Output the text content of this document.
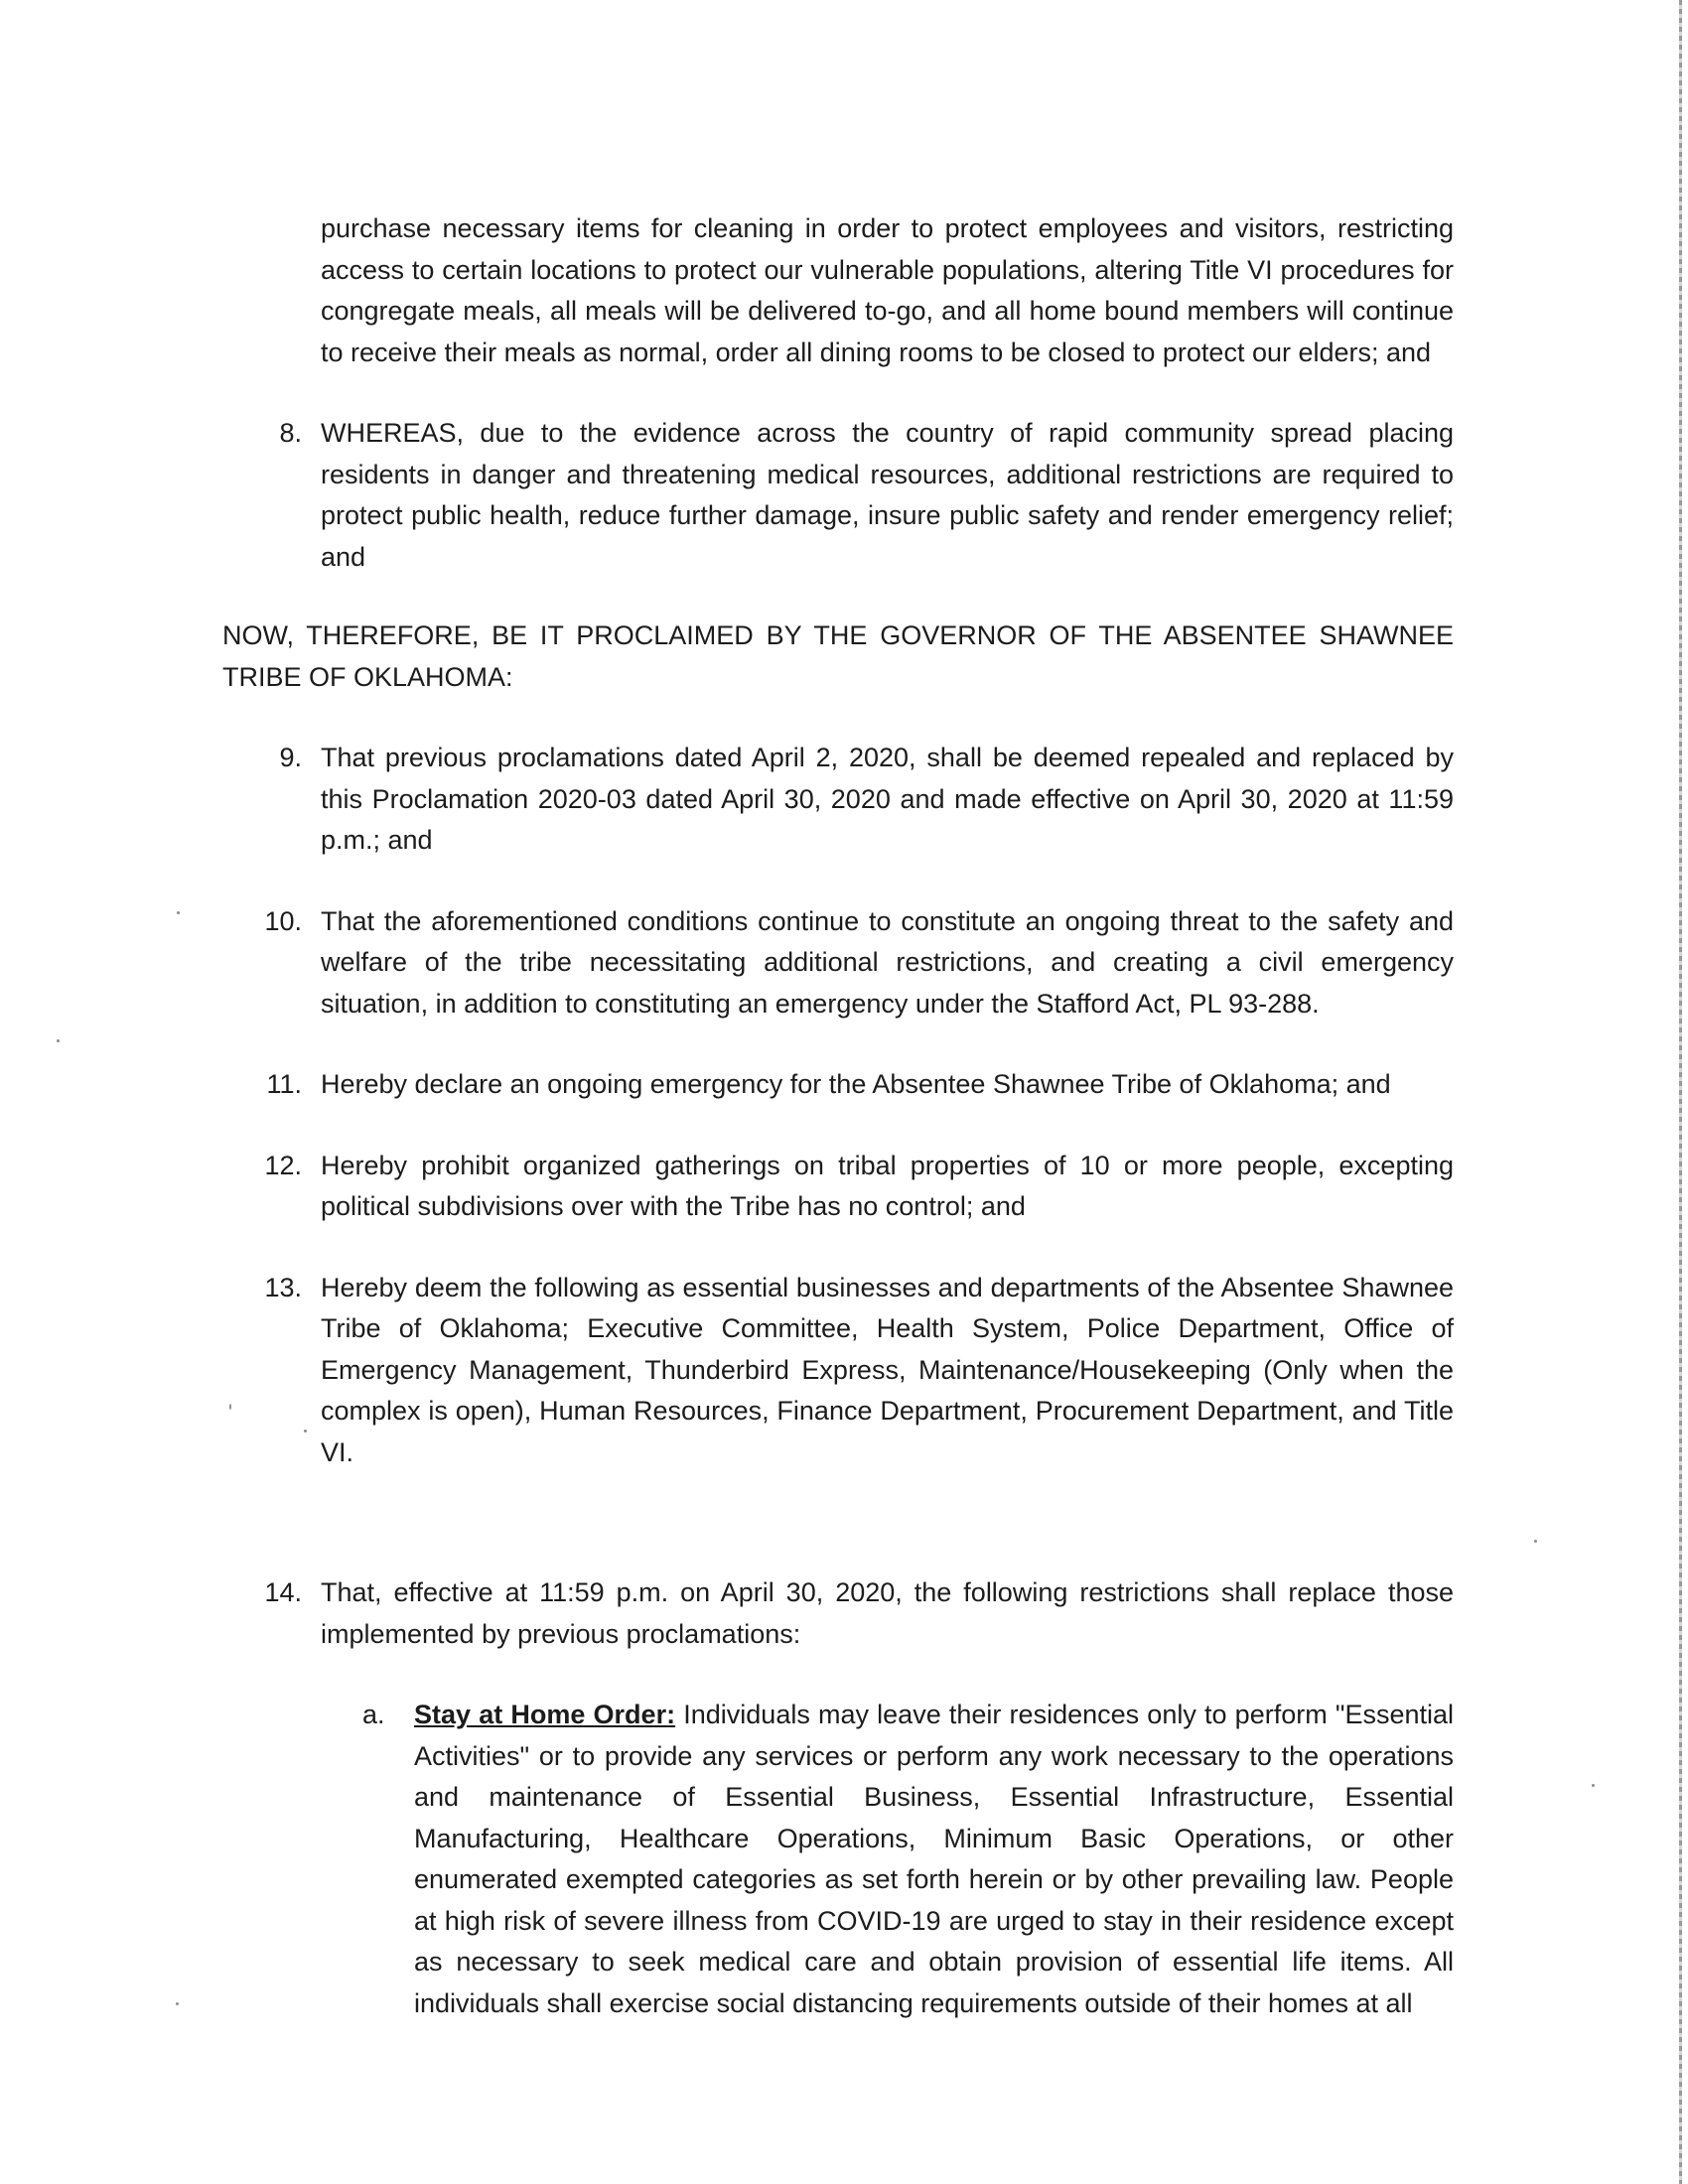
purchase necessary items for cleaning in order to protect employees and visitors, restricting access to certain locations to protect our vulnerable populations, altering Title VI procedures for congregate meals, all meals will be delivered to-go, and all home bound members will continue to receive their meals as normal, order all dining rooms to be closed to protect our elders; and

8. WHEREAS, due to the evidence across the country of rapid community spread placing residents in danger and threatening medical resources, additional restrictions are required to protect public health, reduce further damage, insure public safety and render emergency relief; and

NOW, THEREFORE, BE IT PROCLAIMED BY THE GOVERNOR OF THE ABSENTEE SHAWNEE TRIBE OF OKLAHOMA:

9. That previous proclamations dated April 2, 2020, shall be deemed repealed and replaced by this Proclamation 2020-03 dated April 30, 2020 and made effective on April 30, 2020 at 11:59 p.m.; and
10. That the aforementioned conditions continue to constitute an ongoing threat to the safety and welfare of the tribe necessitating additional restrictions, and creating a civil emergency situation, in addition to constituting an emergency under the Stafford Act, PL 93-288.
11. Hereby declare an ongoing emergency for the Absentee Shawnee Tribe of Oklahoma; and
12. Hereby prohibit organized gatherings on tribal properties of 10 or more people, excepting political subdivisions over with the Tribe has no control; and
13. Hereby deem the following as essential businesses and departments of the Absentee Shawnee Tribe of Oklahoma; Executive Committee, Health System, Police Department, Office of Emergency Management, Thunderbird Express, Maintenance/Housekeeping (Only when the complex is open), Human Resources, Finance Department, Procurement Department, and Title VI.
14. That, effective at 11:59 p.m. on April 30, 2020, the following restrictions shall replace those implemented by previous proclamations:
a. Stay at Home Order: Individuals may leave their residences only to perform "Essential Activities" or to provide any services or perform any work necessary to the operations and maintenance of Essential Business, Essential Infrastructure, Essential Manufacturing, Healthcare Operations, Minimum Basic Operations, or other enumerated exempted categories as set forth herein or by other prevailing law. People at high risk of severe illness from COVID-19 are urged to stay in their residence except as necessary to seek medical care and obtain provision of essential life items. All individuals shall exercise social distancing requirements outside of their homes at all
